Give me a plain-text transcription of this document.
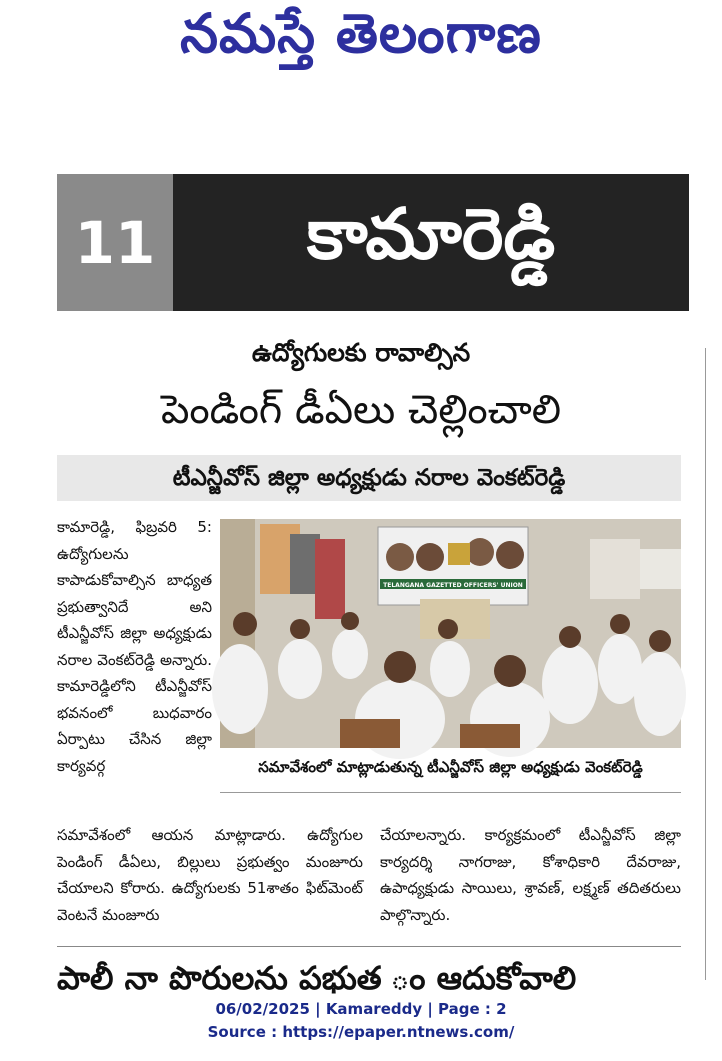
నమస్తే తెలంగాణ
11	కామారెడ్డి
ఉద్యోగులకు రావాల్సిన
పెండింగ్ డీఏలు చెల్లించాలి
టీఎన్జీవోస్ జిల్లా అధ్యక్షుడు నరాల వెంకట్‌రెడ్డి
కామారెడ్డి, ఫిబ్రవరి 5: ఉద్యోగులను కాపాడుకోవాల్సిన బాధ్యత ప్రభుత్వానిదే అని టీఎన్జీవోస్ జిల్లా అధ్యక్షుడు నరాల వెంకట్‌రెడ్డి అన్నారు. కామారెడ్డిలోని టీఎన్జీవోస్ భవనంలో బుధవారం ఏర్పాటు చేసిన జిల్లా కార్యవర్గ
TELANGANA GAZETTED OFFICERS' UNION
సమావేశంలో మాట్లాడుతున్న టీఎన్జీవోస్ జిల్లా అధ్యక్షుడు వెంకట్‌రెడ్డి
సమావేశంలో ఆయన మాట్లాడారు. ఉద్యోగుల పెండింగ్ డీఏలు, బిల్లులు ప్రభుత్వం మంజూరు చేయాలని కోరారు. ఉద్యోగులకు 51శాతం ఫిట్‌మెంట్ వెంటనే మంజూరు
చేయాలన్నారు. కార్యక్రమంలో టీఎన్జీవోస్ జిల్లా కార్యదర్శి నాగరాజు, కోశాధికారి దేవరాజు, ఉపాధ్యక్షుడు సాయిలు, శ్రావణ్, లక్ష్మణ్ తదితరులు పాల్గొన్నారు.
పాలీ నా పొరులను పభుత ం ఆదుకోవాలి
06/02/2025 | Kamareddy | Page : 2
Source : https://epaper.ntnews.com/
